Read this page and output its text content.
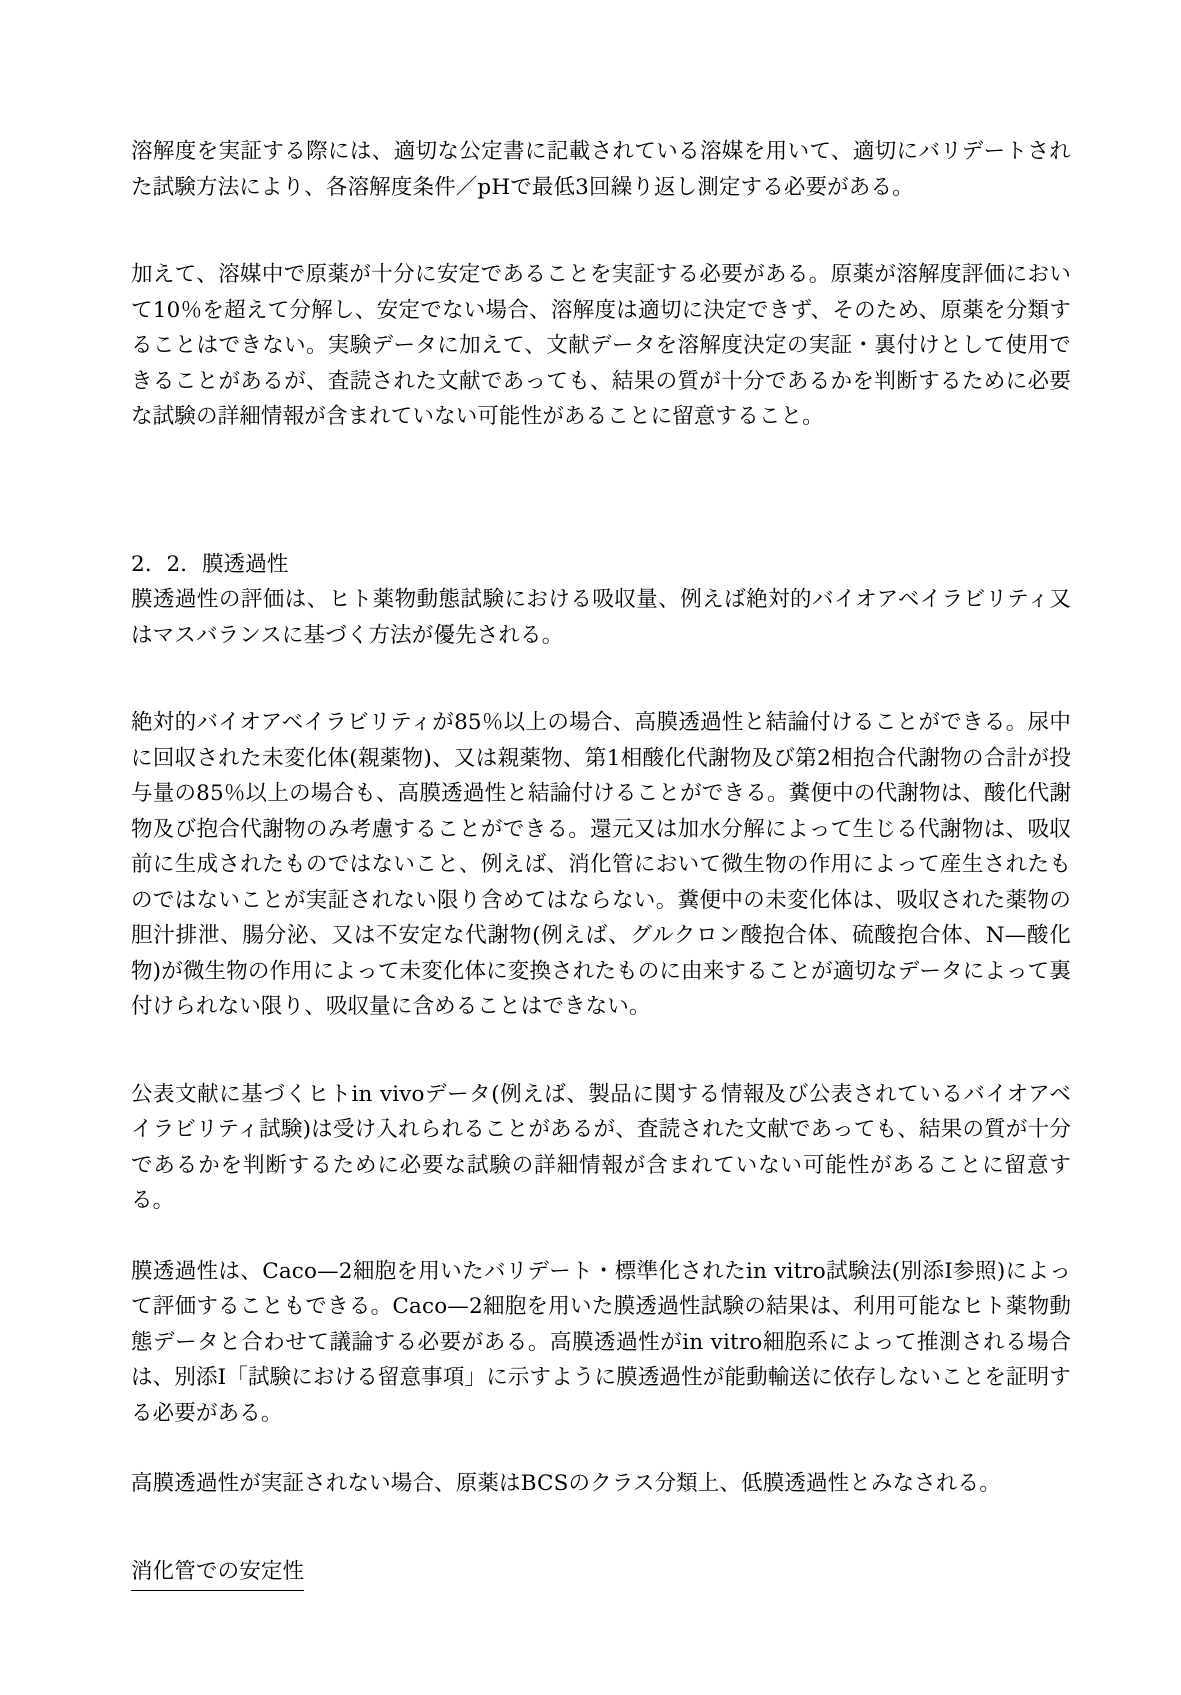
溶解度を実証する際には、適切な公定書に記載されている溶媒を用いて、適切にバリデートされた試験方法により、各溶解度条件／pHで最低3回繰り返し測定する必要がある。

加えて、溶媒中で原薬が十分に安定であることを実証する必要がある。原薬が溶解度評価において10％を超えて分解し、安定でない場合、溶解度は適切に決定できず、そのため、原薬を分類することはできない。実験データに加えて、文献データを溶解度決定の実証・裏付けとして使用できることがあるが、査読された文献であっても、結果の質が十分であるかを判断するために必要な試験の詳細情報が含まれていない可能性があることに留意すること。

2．2．膜透過性

膜透過性の評価は、ヒト薬物動態試験における吸収量、例えば絶対的バイオアベイラビリティ又はマスバランスに基づく方法が優先される。

絶対的バイオアベイラビリティが85％以上の場合、高膜透過性と結論付けることができる。尿中に回収された未変化体(親薬物)、又は親薬物、第1相酸化代謝物及び第2相抱合代謝物の合計が投与量の85％以上の場合も、高膜透過性と結論付けることができる。糞便中の代謝物は、酸化代謝物及び抱合代謝物のみ考慮することができる。還元又は加水分解によって生じる代謝物は、吸収前に生成されたものではないこと、例えば、消化管において微生物の作用によって産生されたものではないことが実証されない限り含めてはならない。糞便中の未変化体は、吸収された薬物の胆汁排泄、腸分泌、又は不安定な代謝物(例えば、グルクロン酸抱合体、硫酸抱合体、N—酸化物)が微生物の作用によって未変化体に変換されたものに由来することが適切なデータによって裏付けられない限り、吸収量に含めることはできない。

公表文献に基づくヒトin vivoデータ(例えば、製品に関する情報及び公表されているバイオアベイラビリティ試験)は受け入れられることがあるが、査読された文献であっても、結果の質が十分であるかを判断するために必要な試験の詳細情報が含まれていない可能性があることに留意する。

膜透過性は、Caco—2細胞を用いたバリデート・標準化されたin vitro試験法(別添Ⅰ参照)によって評価することもできる。Caco—2細胞を用いた膜透過性試験の結果は、利用可能なヒト薬物動態データと合わせて議論する必要がある。高膜透過性がin vitro細胞系によって推測される場合は、別添Ⅰ「試験における留意事項」に示すように膜透過性が能動輸送に依存しないことを証明する必要がある。

高膜透過性が実証されない場合、原薬はBCSのクラス分類上、低膜透過性とみなされる。

消化管での安定性
